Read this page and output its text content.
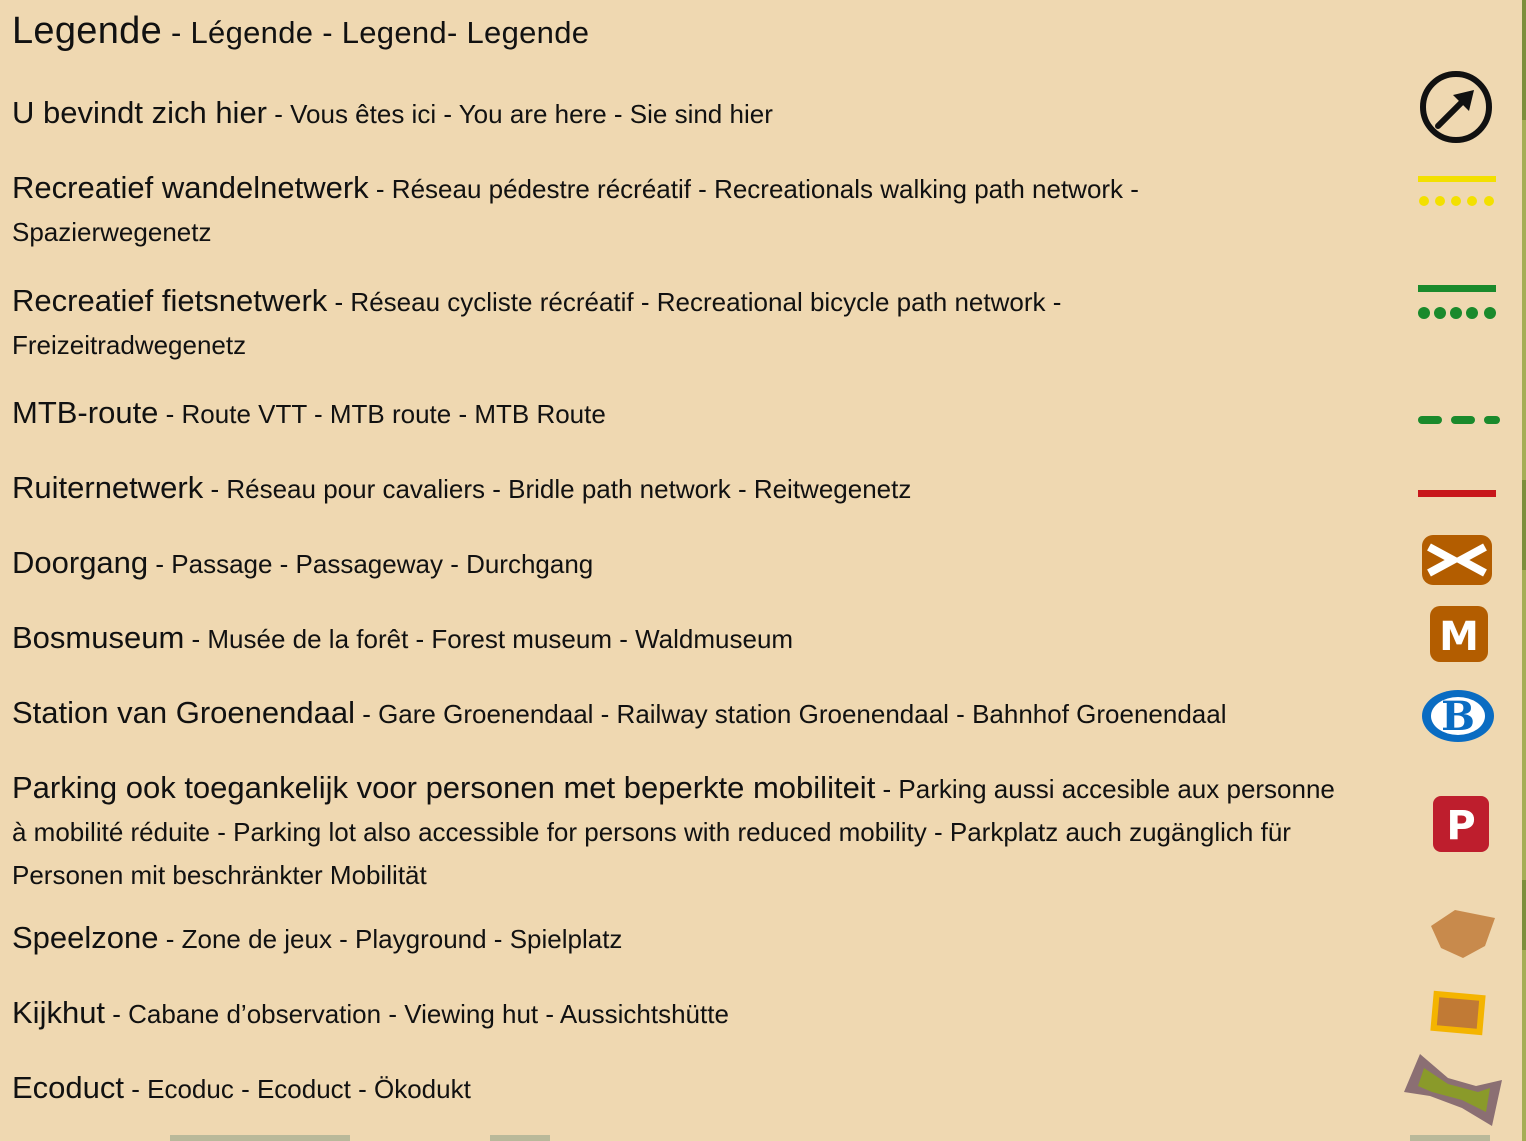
Legende - Légende - Legend- Legende
U bevindt zich hier - Vous êtes ici - You are here - Sie sind hier
Recreatief wandelnetwerk - Réseau pédestre récréatif - Recreationals walking path network - Spazierwegenetz
Recreatief fietsnetwerk - Réseau cycliste récréatif - Recreational bicycle path network -Freizeitradwegenetz
MTB-route - Route VTT - MTB route - MTB Route
Ruiternetwerk - Réseau pour cavaliers - Bridle path network - Reitwegenetz
Doorgang - Passage - Passageway - Durchgang
Bosmuseum - Musée de la forêt - Forest museum - Waldmuseum
Station van Groenendaal - Gare Groenendaal - Railway station Groenendaal - Bahnhof Groenendaal
Parking ook toegankelijk voor personen met beperkte mobiliteit - Parking aussi accesible aux personne à mobilité réduite - Parking lot also accessible for persons with reduced mobility - Parkplatz auch zugänglich für Personen mit beschränkter Mobilität
Speelzone - Zone de jeux - Playground - Spielplatz
Kijkhut - Cabane d’observation - Viewing hut - Aussichtshütte
Ecoduct - Ecoduc - Ecoduct - Ökodukt
M
B
P
